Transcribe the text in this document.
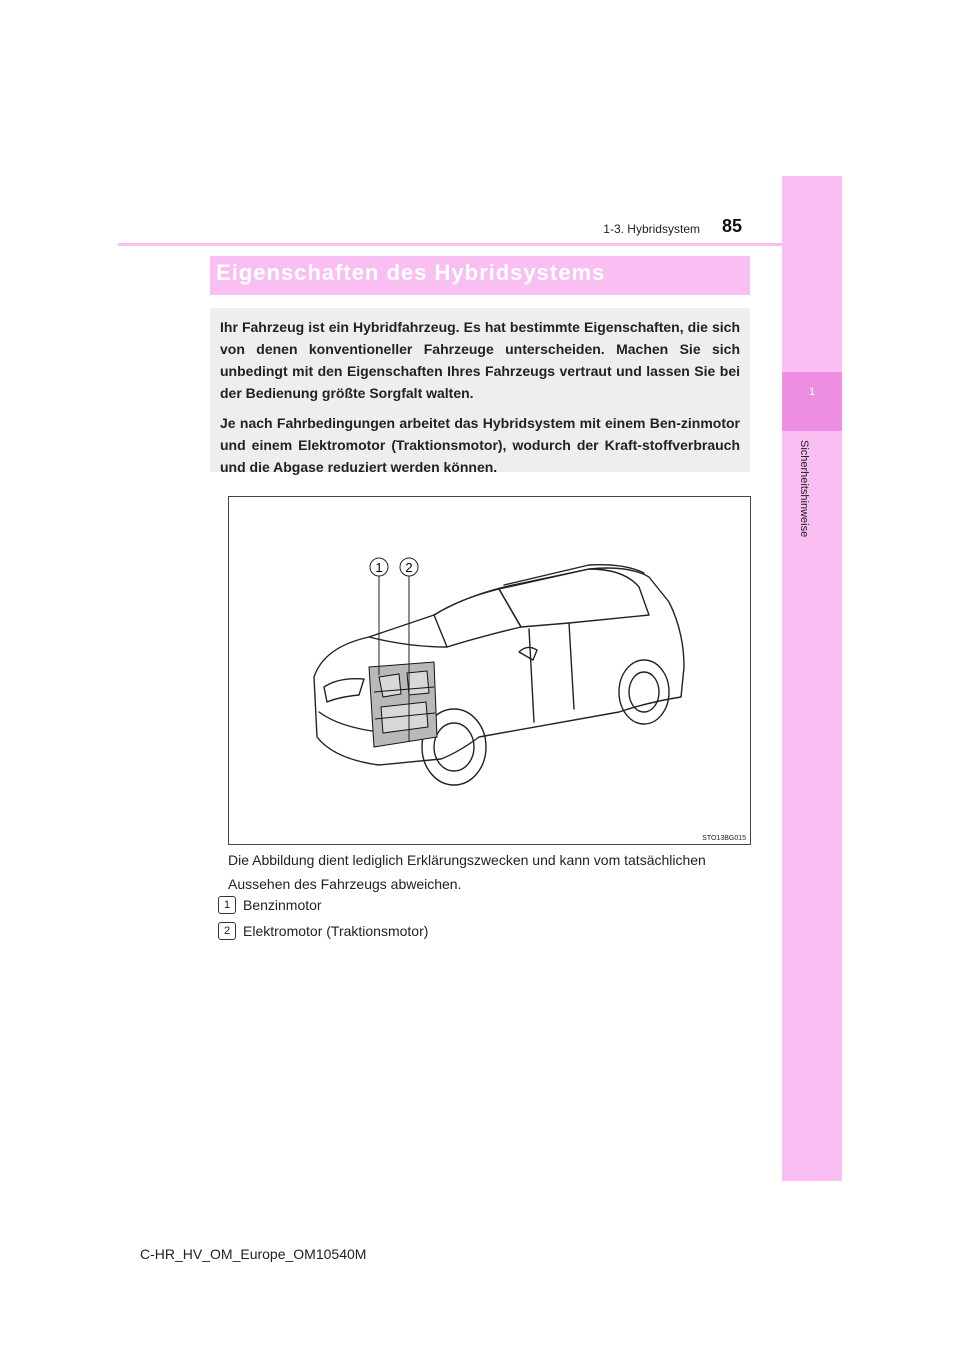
1
Sicherheitshinweise
85
1-3. Hybridsystem
Eigenschaften des Hybridsystems

Ihr Fahrzeug ist ein Hybridfahrzeug. Es hat bestimmte Eigenschaften, die sich von denen konventioneller Fahrzeuge unterscheiden. Machen Sie sich unbedingt mit den Eigenschaften Ihres Fahrzeugs vertraut und lassen Sie bei der Bedienung größte Sorgfalt walten.

Je nach Fahrbedingungen arbeitet das Hybridsystem mit einem Ben-zinmotor und einem Elektromotor (Traktionsmotor), wodurch der Kraft-stoffverbrauch und die Abgase reduziert werden können.

1 2
STO13BG015
Die Abbildung dient lediglich Erklärungszwecken und kann vom tatsächlichen Aussehen des Fahrzeugs abweichen.
1 Benzinmotor
2 Elektromotor (Traktionsmotor)
C-HR_HV_OM_Europe_OM10540M
